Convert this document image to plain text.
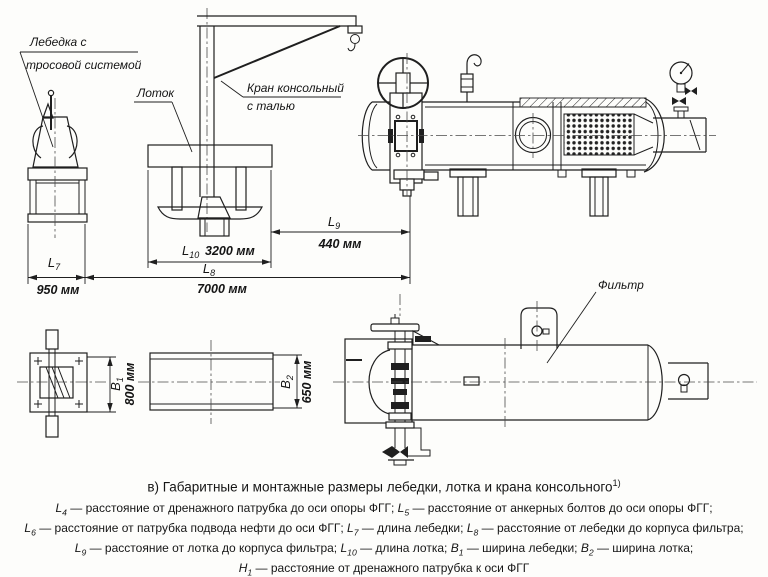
Лебедка с
тросовой системой
Кран консольный
с талью
Лоток
$L_7$
950 мм
$L_8$
7000 мм
$L_{10}$ 3200 мм
$L_9$
440 мм
$B_1$
800 мм	$B_2$ 650 мм
Фильтр
в) Габаритные и монтажные размеры лебедки, лотка и крана консольного$^{1)}$
$L_4$ — расстояние от дренажного патрубка до оси опоры ФГГ; $L_5$ — расстояние от анкерных болтов до оси опоры ФГГ;
$L_6$ — расстояние от патрубка подвода нефти до оси ФГГ; $L_7$ — длина лебедки; $L_8$ — расстояние от лебедки до корпуса фильтра;
$L_9$ — расстояние от лотка до корпуса фильтра; $L_{10}$ — длина лотка; $B_1$ — ширина лебедки; $B_2$ — ширина лотка;
$H_1$ — расстояние от дренажного патрубка к оси ФГГ
